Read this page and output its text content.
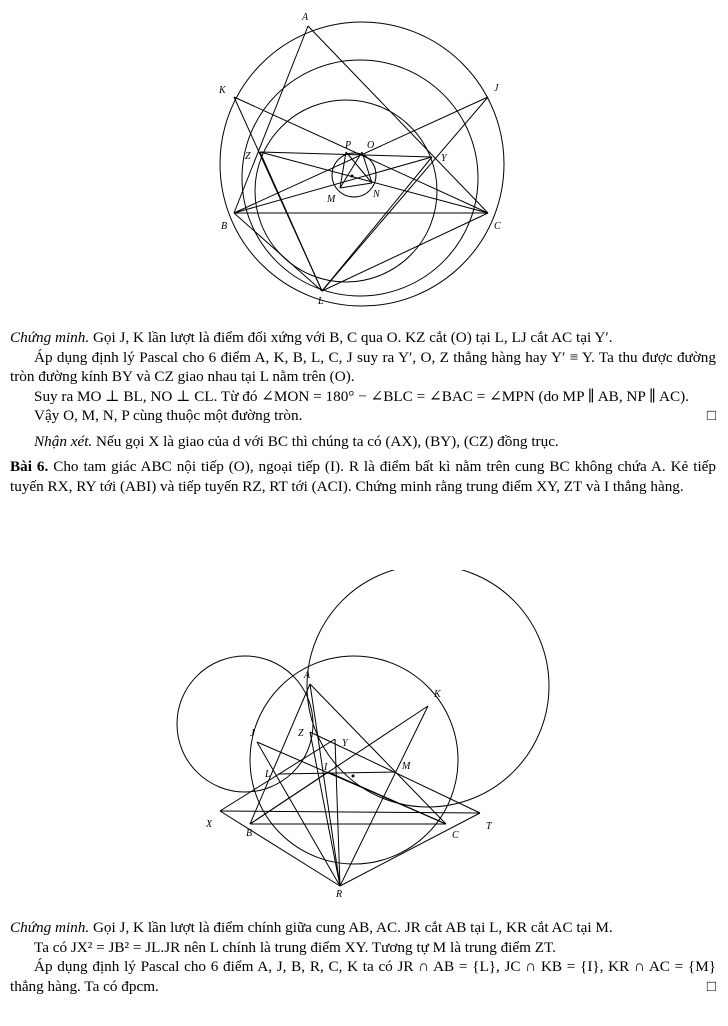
A
K	J
P O
Z	Y
M	N
B	C
L

Chứng minh. Gọi J, K lần lượt là điểm đối xứng với B, C qua O. KZ cắt (O) tại L, LJ cắt AC tại Y′.

Áp dụng định lý Pascal cho 6 điểm A, K, B, L, C, J suy ra Y′, O, Z thẳng hàng hay Y′ ≡ Y. Ta thu được đường tròn đường kính BY và CZ giao nhau tại L nằm trên (O).

Suy ra MO ⊥ BL, NO ⊥ CL. Từ đó ∠MON = 180° − ∠BLC = ∠BAC = ∠MPN (do MP ∥ AB, NP ∥ AC).

Vậy O, M, N, P cùng thuộc một đường tròn.	□

Nhận xét. Nếu gọi X là giao của d với BC thì chúng ta có (AX), (BY), (CZ) đồng trục.

Bài 6. Cho tam giác ABC nội tiếp (O), ngoại tiếp (I). R là điểm bất kì nằm trên cung BC không chứa A. Kẻ tiếp tuyến RX, RY tới (ABI) và tiếp tuyến RZ, RT tới (ACI). Chứng minh rằng trung điểm XY, ZT và I thẳng hàng.

A
K
J	Z
Y
L
I	M
X
B	C
T
R

Chứng minh. Gọi J, K lần lượt là điểm chính giữa cung AB, AC. JR cắt AB tại L, KR cắt AC tại M.

Ta có JX² = JB² = JL.JR nên L chính là trung điểm XY. Tương tự M là trung điểm ZT.

Áp dụng định lý Pascal cho 6 điểm A, J, B, R, C, K ta có JR ∩ AB = {L}, JC ∩ KB = {I}, KR ∩ AC = {M} thẳng hàng. Ta có đpcm.	□
